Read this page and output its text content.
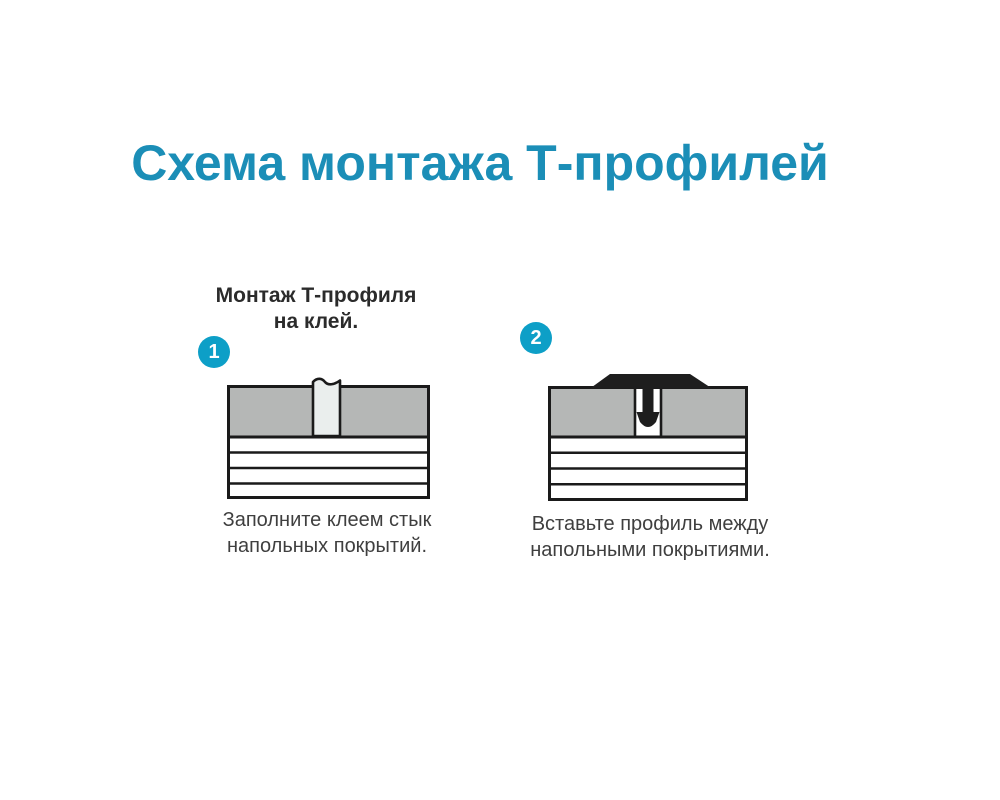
Схема монтажа Т-профилей
Монтаж Т-профиля
на клей.
1
2
Заполните клеем стык напольных покрытий.
Вставьте профиль между напольными покрытиями.
